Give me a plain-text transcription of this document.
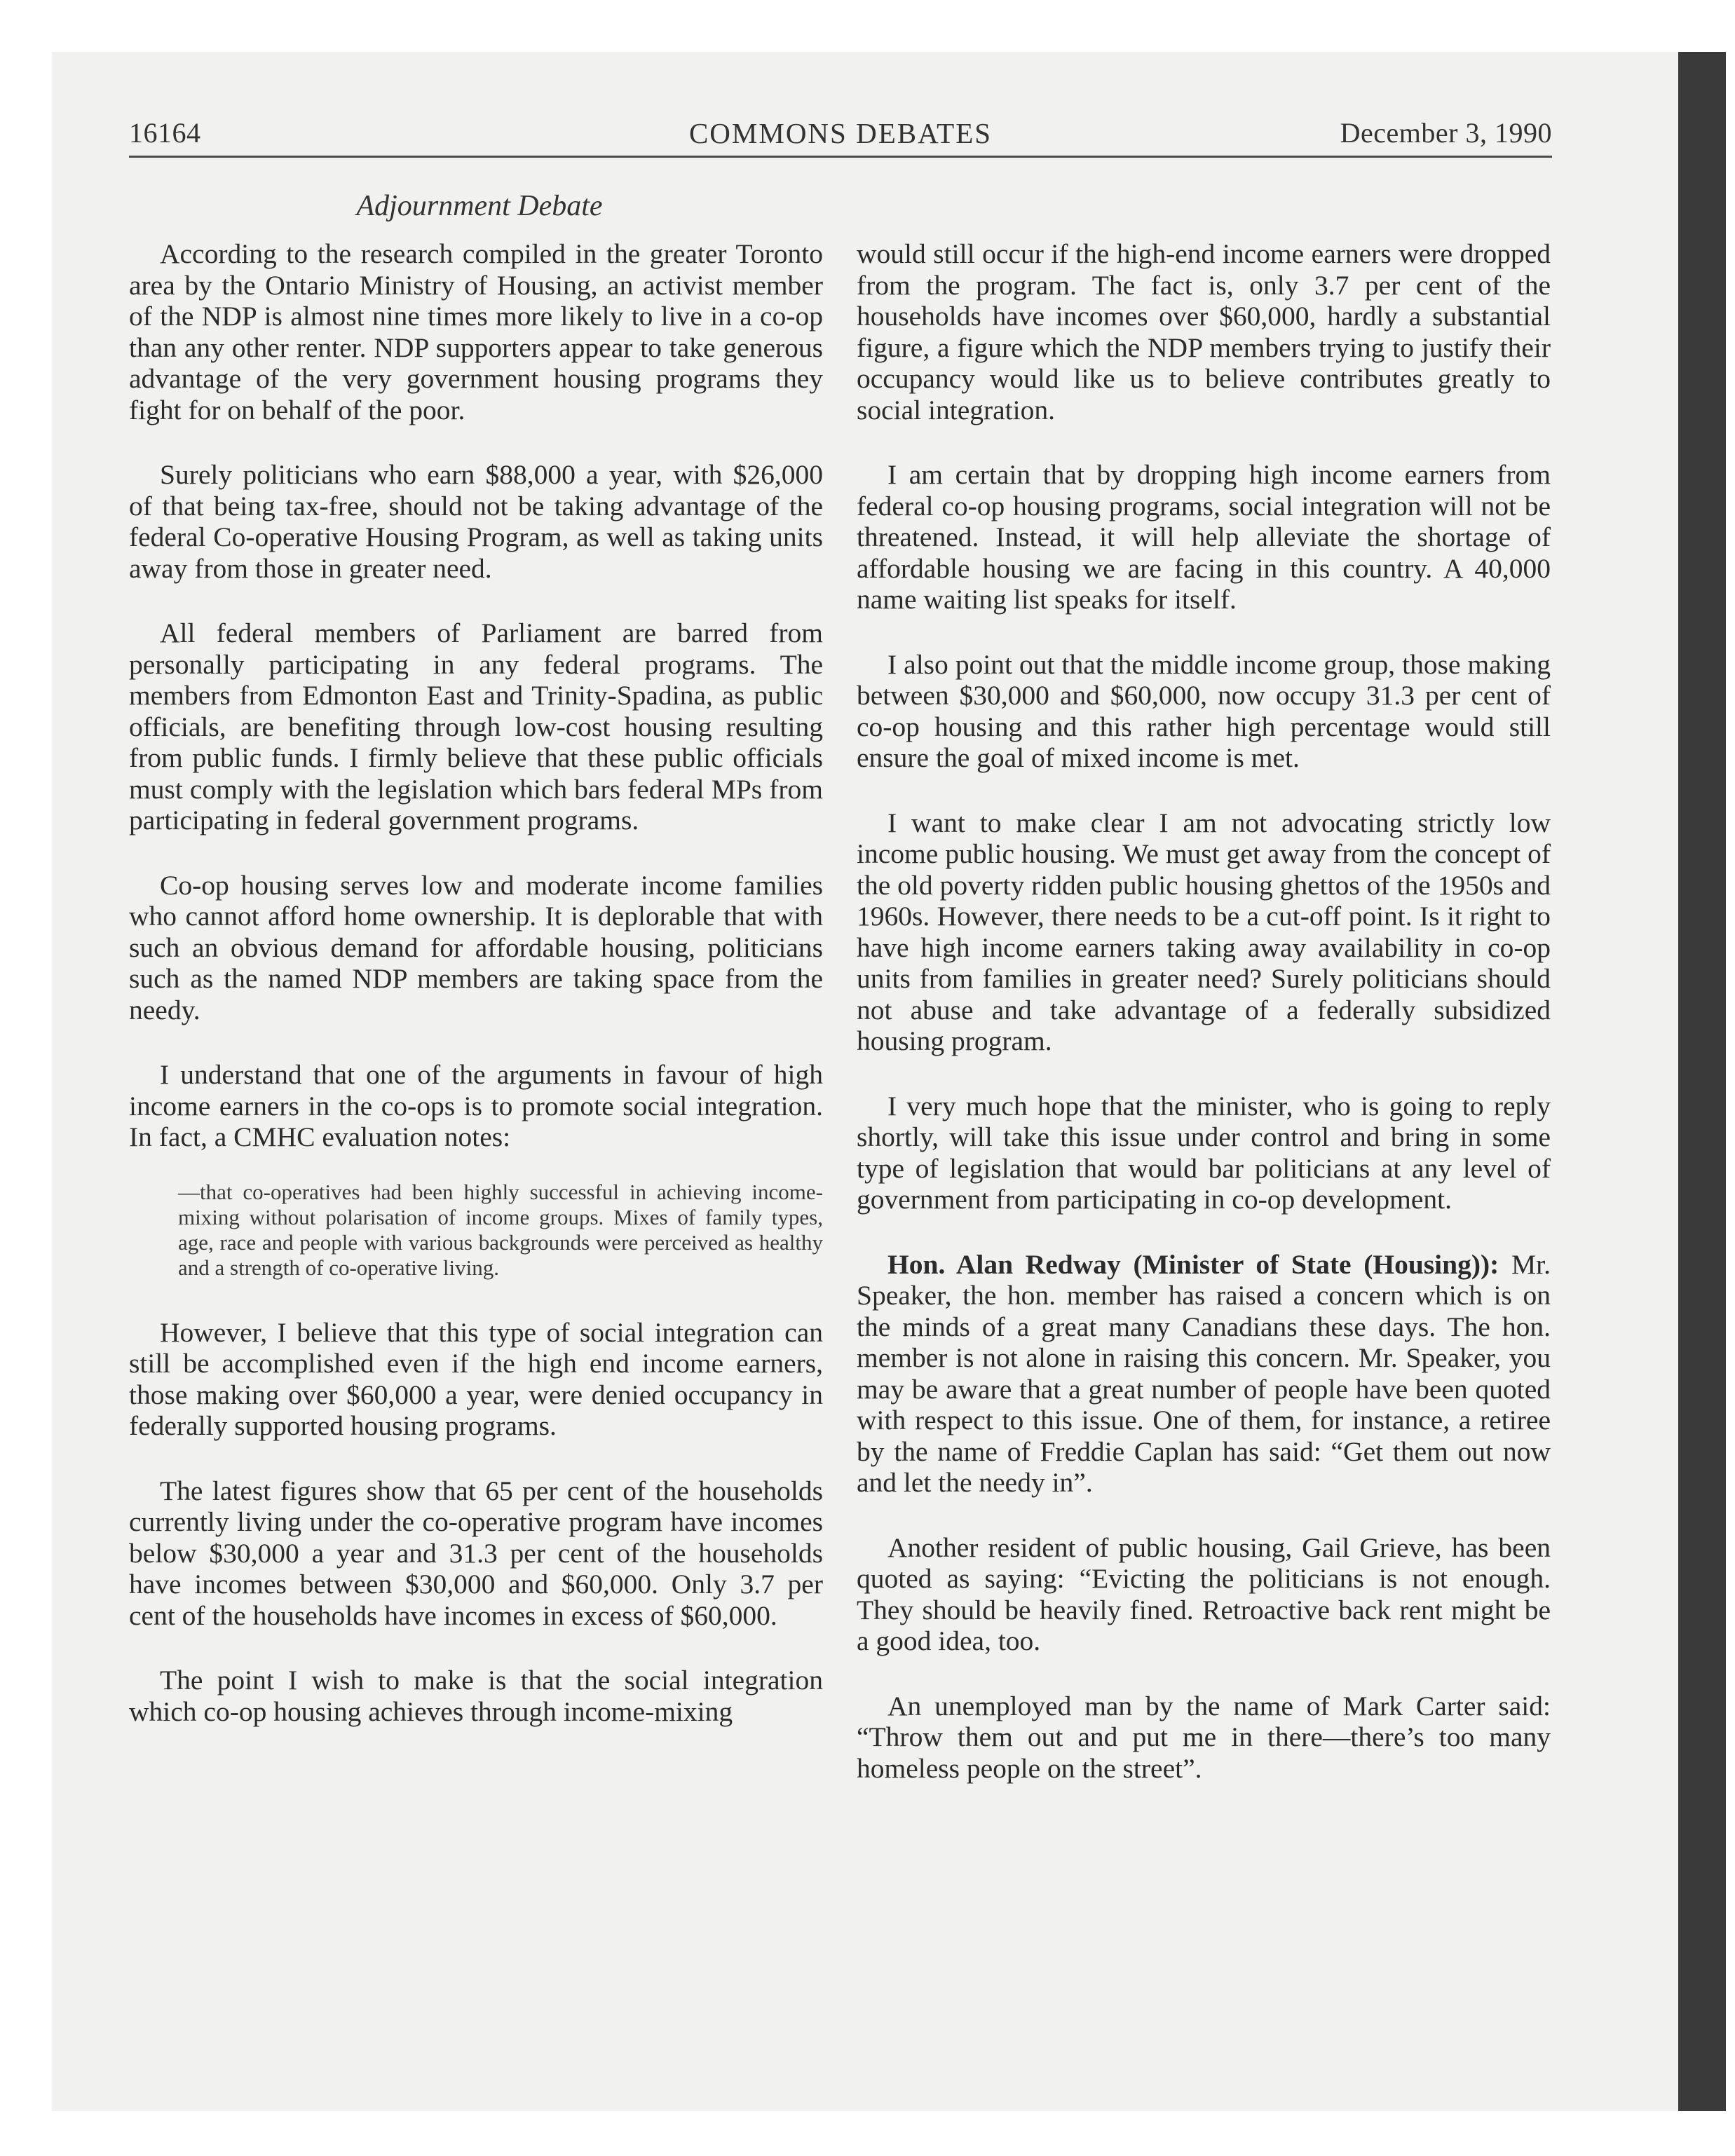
16164	COMMONS DEBATES	December 3, 1990
Adjournment Debate

According to the research compiled in the greater Toronto area by the Ontario Ministry of Housing, an activist member of the NDP is almost nine times more likely to live in a co-op than any other renter. NDP supporters appear to take generous advantage of the very government housing programs they fight for on behalf of the poor.

Surely politicians who earn $88,000 a year, with $26,000 of that being tax-free, should not be taking advantage of the federal Co-operative Housing Program, as well as taking units away from those in greater need.

All federal members of Parliament are barred from personally participating in any federal programs. The members from Edmonton East and Trinity-Spadina, as public officials, are benefiting through low-cost housing resulting from public funds. I firmly believe that these public officials must comply with the legislation which bars federal MPs from participating in federal government programs.

Co-op housing serves low and moderate income families who cannot afford home ownership. It is deplorable that with such an obvious demand for affordable housing, politicians such as the named NDP members are taking space from the needy.

I understand that one of the arguments in favour of high income earners in the co-ops is to promote social integration. In fact, a CMHC evaluation notes:

—that co-operatives had been highly successful in achieving income-mixing without polarisation of income groups. Mixes of family types, age, race and people with various backgrounds were perceived as healthy and a strength of co-operative living.

However, I believe that this type of social integration can still be accomplished even if the high end income earners, those making over $60,000 a year, were denied occupancy in federally supported housing programs.

The latest figures show that 65 per cent of the households currently living under the co-operative program have incomes below $30,000 a year and 31.3 per cent of the households have incomes between $30,000 and $60,000. Only 3.7 per cent of the households have incomes in excess of $60,000.

The point I wish to make is that the social integration which co-op housing achieves through income-mixing

would still occur if the high-end income earners were dropped from the program. The fact is, only 3.7 per cent of the households have incomes over $60,000, hardly a substantial figure, a figure which the NDP members trying to justify their occupancy would like us to believe contributes greatly to social integration.

I am certain that by dropping high income earners from federal co-op housing programs, social integration will not be threatened. Instead, it will help alleviate the shortage of affordable housing we are facing in this country. A 40,000 name waiting list speaks for itself.

I also point out that the middle income group, those making between $30,000 and $60,000, now occupy 31.3 per cent of co-op housing and this rather high percentage would still ensure the goal of mixed income is met.

I want to make clear I am not advocating strictly low income public housing. We must get away from the concept of the old poverty ridden public housing ghettos of the 1950s and 1960s. However, there needs to be a cut-off point. Is it right to have high income earners taking away availability in co-op units from families in greater need? Surely politicians should not abuse and take advantage of a federally subsidized housing program.

I very much hope that the minister, who is going to reply shortly, will take this issue under control and bring in some type of legislation that would bar politicians at any level of government from participating in co-op development.

Hon. Alan Redway (Minister of State (Housing)): Mr. Speaker, the hon. member has raised a concern which is on the minds of a great many Canadians these days. The hon. member is not alone in raising this concern. Mr. Speaker, you may be aware that a great number of people have been quoted with respect to this issue. One of them, for instance, a retiree by the name of Freddie Caplan has said: “Get them out now and let the needy in”.

Another resident of public housing, Gail Grieve, has been quoted as saying: “Evicting the politicians is not enough. They should be heavily fined. Retroactive back rent might be a good idea, too.

An unemployed man by the name of Mark Carter said: “Throw them out and put me in there—there’s too many homeless people on the street”.
